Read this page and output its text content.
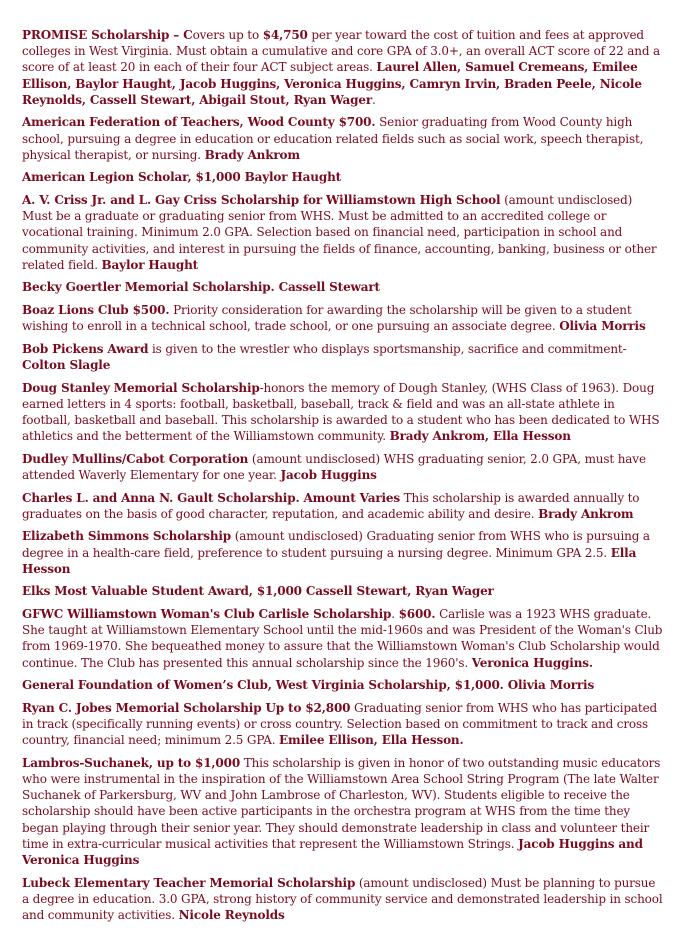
PROMISE Scholarship – Covers up to $4,750 per year toward the cost of tuition and fees at approved colleges in West Virginia. Must obtain a cumulative and core GPA of 3.0+, an overall ACT score of 22 and a score of at least 20 in each of their four ACT subject areas. Laurel Allen, Samuel Cremeans, Emilee Ellison, Baylor Haught, Jacob Huggins, Veronica Huggins, Camryn Irvin, Braden Peele, Nicole Reynolds, Cassell Stewart, Abigail Stout, Ryan Wager.

American Federation of Teachers, Wood County $700. Senior graduating from Wood County high school, pursuing a degree in education or education related fields such as social work, speech therapist, physical therapist, or nursing. Brady Ankrom

American Legion Scholar, $1,000 Baylor Haught

A. V. Criss Jr. and L. Gay Criss Scholarship for Williamstown High School (amount undisclosed) Must be a graduate or graduating senior from WHS. Must be admitted to an accredited college or vocational training. Minimum 2.0 GPA. Selection based on financial need, participation in school and community activities, and interest in pursuing the fields of finance, accounting, banking, business or other related field. Baylor Haught

Becky Goertler Memorial Scholarship. Cassell Stewart

Boaz Lions Club $500. Priority consideration for awarding the scholarship will be given to a student wishing to enroll in a technical school, trade school, or one pursuing an associate degree. Olivia Morris

Bob Pickens Award is given to the wrestler who displays sportsmanship, sacrifice and commitment- Colton Slagle

Doug Stanley Memorial Scholarship-honors the memory of Dough Stanley, (WHS Class of 1963). Doug earned letters in 4 sports: football, basketball, baseball, track & field and was an all-state athlete in football, basketball and baseball. This scholarship is awarded to a student who has been dedicated to WHS athletics and the betterment of the Williamstown community. Brady Ankrom, Ella Hesson

Dudley Mullins/Cabot Corporation (amount undisclosed) WHS graduating senior, 2.0 GPA, must have attended Waverly Elementary for one year. Jacob Huggins

Charles L. and Anna N. Gault Scholarship. Amount Varies This scholarship is awarded annually to graduates on the basis of good character, reputation, and academic ability and desire. Brady Ankrom

Elizabeth Simmons Scholarship (amount undisclosed) Graduating senior from WHS who is pursuing a degree in a health-care field, preference to student pursuing a nursing degree. Minimum GPA 2.5. Ella Hesson

Elks Most Valuable Student Award, $1,000 Cassell Stewart, Ryan Wager

GFWC Williamstown Woman's Club Carlisle Scholarship. $600. Carlisle was a 1923 WHS graduate. She taught at Williamstown Elementary School until the mid-1960s and was President of the Woman's Club from 1969-1970. She bequeathed money to assure that the Williamstown Woman's Club Scholarship would continue. The Club has presented this annual scholarship since the 1960's. Veronica Huggins.

General Foundation of Women’s Club, West Virginia Scholarship, $1,000. Olivia Morris

Ryan C. Jobes Memorial Scholarship Up to $2,800 Graduating senior from WHS who has participated in track (specifically running events) or cross country. Selection based on commitment to track and cross country, financial need; minimum 2.5 GPA. Emilee Ellison, Ella Hesson.

Lambros-Suchanek, up to $1,000 This scholarship is given in honor of two outstanding music educators who were instrumental in the inspiration of the Williamstown Area School String Program (The late Walter Suchanek of Parkersburg, WV and John Lambrose of Charleston, WV). Students eligible to receive the scholarship should have been active participants in the orchestra program at WHS from the time they began playing through their senior year. They should demonstrate leadership in class and volunteer their time in extra-curricular musical activities that represent the Williamstown Strings. Jacob Huggins and Veronica Huggins

Lubeck Elementary Teacher Memorial Scholarship (amount undisclosed) Must be planning to pursue a degree in education. 3.0 GPA, strong history of community service and demonstrated leadership in school and community activities. Nicole Reynolds
